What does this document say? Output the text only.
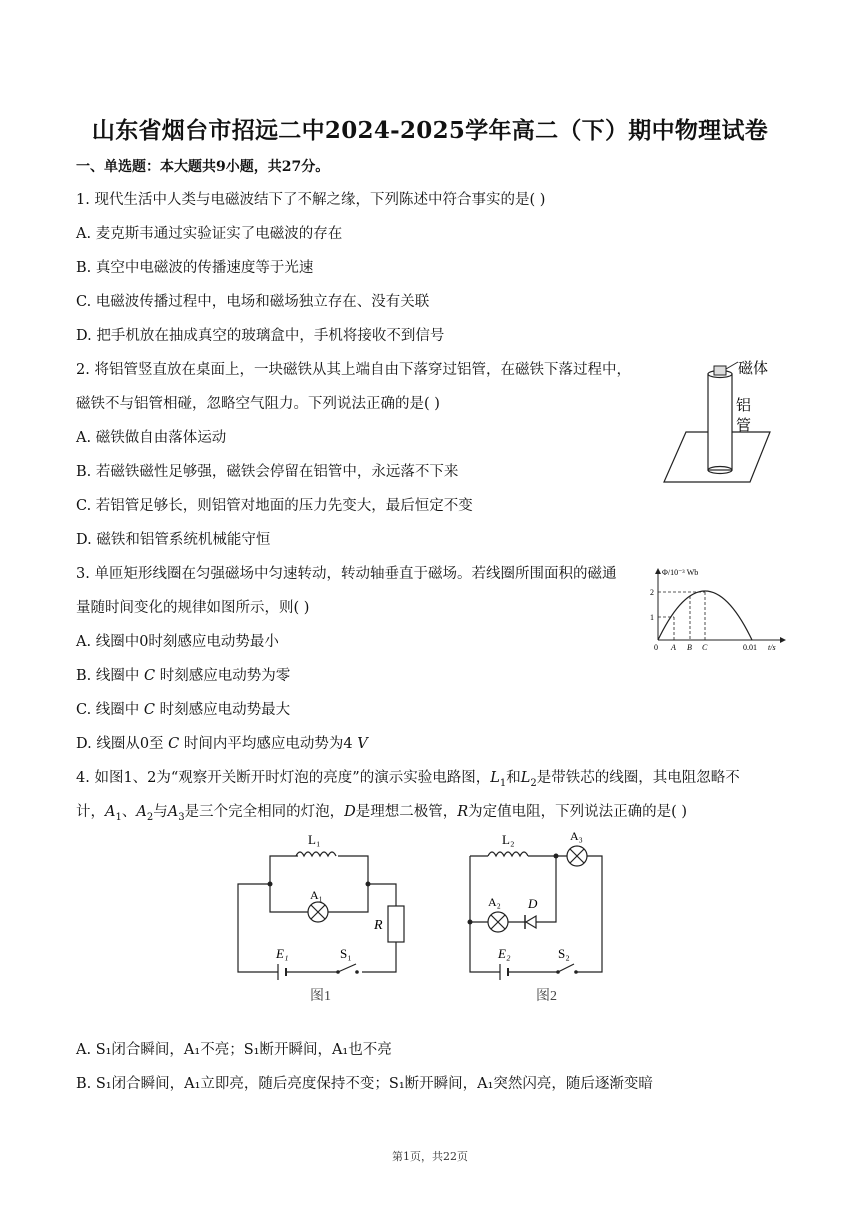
山东省烟台市招远二中2024-2025学年高二（下）期中物理试卷
一、单选题：本大题共9小题，共27分。
1. 现代生活中人类与电磁波结下了不解之缘，下列陈述中符合事实的是( )
A. 麦克斯韦通过实验证实了电磁波的存在
B. 真空中电磁波的传播速度等于光速
C. 电磁波传播过程中，电场和磁场独立存在、没有关联
D. 把手机放在抽成真空的玻璃盒中，手机将接收不到信号
2. 将铝管竖直放在桌面上，一块磁铁从其上端自由下落穿过铝管，在磁铁下落过程中，
磁铁不与铝管相碰，忽略空气阻力。下列说法正确的是( )
A. 磁铁做自由落体运动
B. 若磁铁磁性足够强，磁铁会停留在铝管中，永远落不下来
C. 若铝管足够长，则铝管对地面的压力先变大，最后恒定不变
D. 磁铁和铝管系统机械能守恒
磁体
铝
管
3. 单匝矩形线圈在匀强磁场中匀速转动，转动轴垂直于磁场。若线圈所围面积的磁通
量随时间变化的规律如图所示，则( )
A. 线圈中0时刻感应电动势最小
B. 线圈中 C 时刻感应电动势为零
C. 线圈中 C 时刻感应电动势最大
D. 线圈从0至 C 时间内平均感应电动势为4 V
Φ/10⁻³ Wb
2
1
0 A B C	0.01 t/s
4. 如图1、2为“观察开关断开时灯泡的亮度”的演示实验电路图，$L_1$和$L_2$是带铁芯的线圈，其电阻忽略不
计，$A_1$、$A_2$与$A_3$是三个完全相同的灯泡，D是理想二极管，R为定值电阻，下列说法正确的是( )
L₁
A₁
R
E₁	S₁
图1
L₂	A₃
A₂ D
E₂	S₂
图2
A. S₁闭合瞬间，A₁不亮；S₁断开瞬间，A₁也不亮
B. S₁闭合瞬间，A₁立即亮，随后亮度保持不变；S₁断开瞬间，A₁突然闪亮，随后逐渐变暗
第1页，共22页
